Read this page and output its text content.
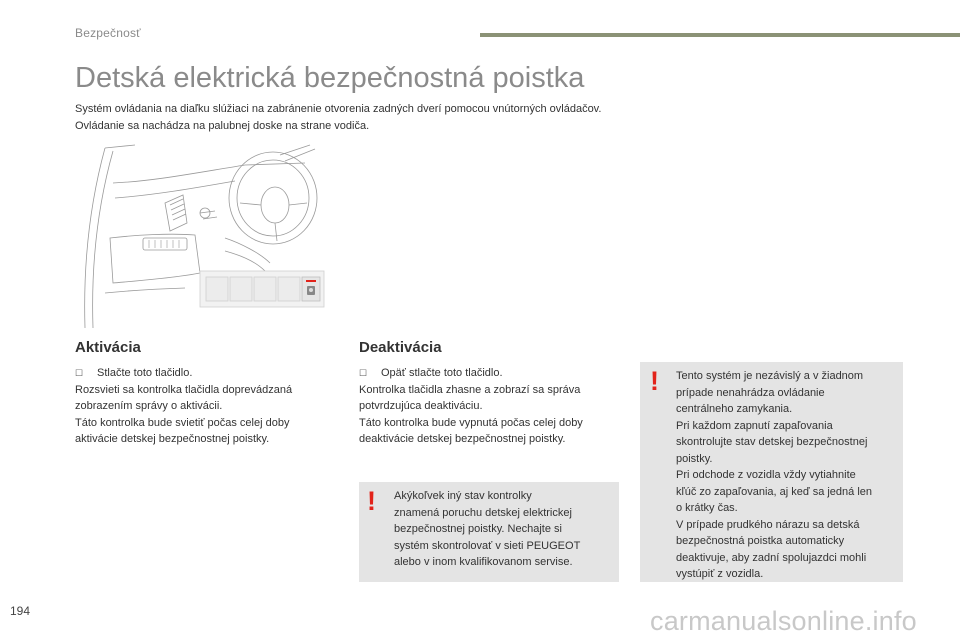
Bezpečnosť
Detská elektrická bezpečnostná poistka

Systém ovládania na diaľku slúžiaci na zabránenie otvorenia zadných dverí pomocou vnútorných ovládačov.

Ovládanie sa nachádza na palubnej doske na strane vodiča.

Aktivácia

☐ Stlačte toto tlačidlo.

Rozsvieti sa kontrolka tlačidla doprevádzaná

zobrazením správy o aktivácii.

Táto kontrolka bude svietiť počas celej doby

aktivácie detskej bezpečnostnej poistky.

Deaktivácia

☐ Opäť stlačte toto tlačidlo.

Kontrolka tlačidla zhasne a zobrazí sa správa

potvrdzujúca deaktiváciu.

Táto kontrolka bude vypnutá počas celej doby

deaktivácie detskej bezpečnostnej poistky.

! Akýkoľvek iný stav kontrolky

znamená poruchu detskej elektrickej

bezpečnostnej poistky. Nechajte si

systém skontrolovať v sieti PEUGEOT

alebo v inom kvalifikovanom servise.

! Tento systém je nezávislý a v žiadnom

prípade nenahrádza ovládanie

centrálneho zamykania.

Pri každom zapnutí zapaľovania

skontrolujte stav detskej bezpečnostnej

poistky.

Pri odchode z vozidla vždy vytiahnite

kľúč zo zapaľovania, aj keď sa jedná len

o krátky čas.

V prípade prudkého nárazu sa detská

bezpečnostná poistka automaticky

deaktivuje, aby zadní spolujazdci mohli

vystúpiť z vozidla.

194	carmanualsonline.info
